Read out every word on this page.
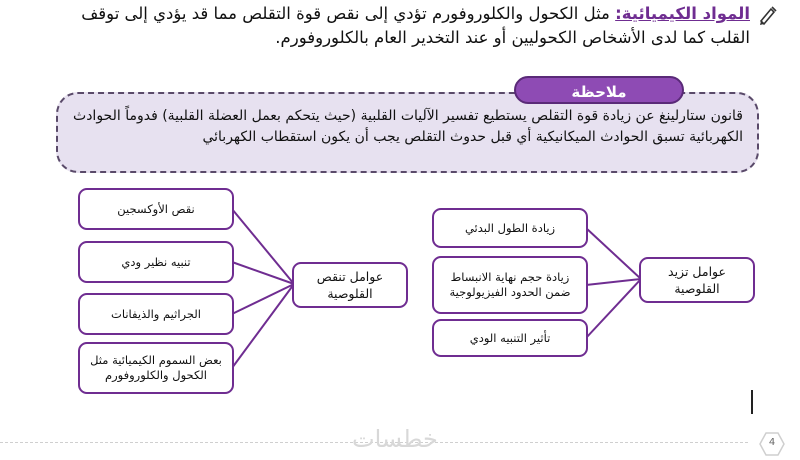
المواد الكيميائية: مثل الكحول والكلوروفورم تؤدي إلى نقص قوة التقلص مما قد يؤدي إلى توقف القلب كما لدى الأشخاص الكحوليين أو عند التخدير العام بالكلوروفورم.
قانون ستارلينغ عن زيادة قوة التقلص يستطيع تفسير الآليات القلبية (حيث يتحكم بعمل العضلة القلبية) فدوماً الحوادث الكهربائية تسبق الحوادث الميكانيكية أي قبل حدوث التقلص يجب أن يكون استقطاب الكهربائي
ملاحظة
نقص الأوكسجين
تنبيه نظير ودي
الجراثيم والذيفانات
بعض السموم الكيميائية مثل الكحول والكلوروفورم
عوامل تنقص القلوصية
زيادة الطول البدئي
زيادة حجم نهاية الانبساط ضمن الحدود الفيزيولوجية
تأثير التنبيه الودي
عوامل تزيد القلوصية
خطسات	4
